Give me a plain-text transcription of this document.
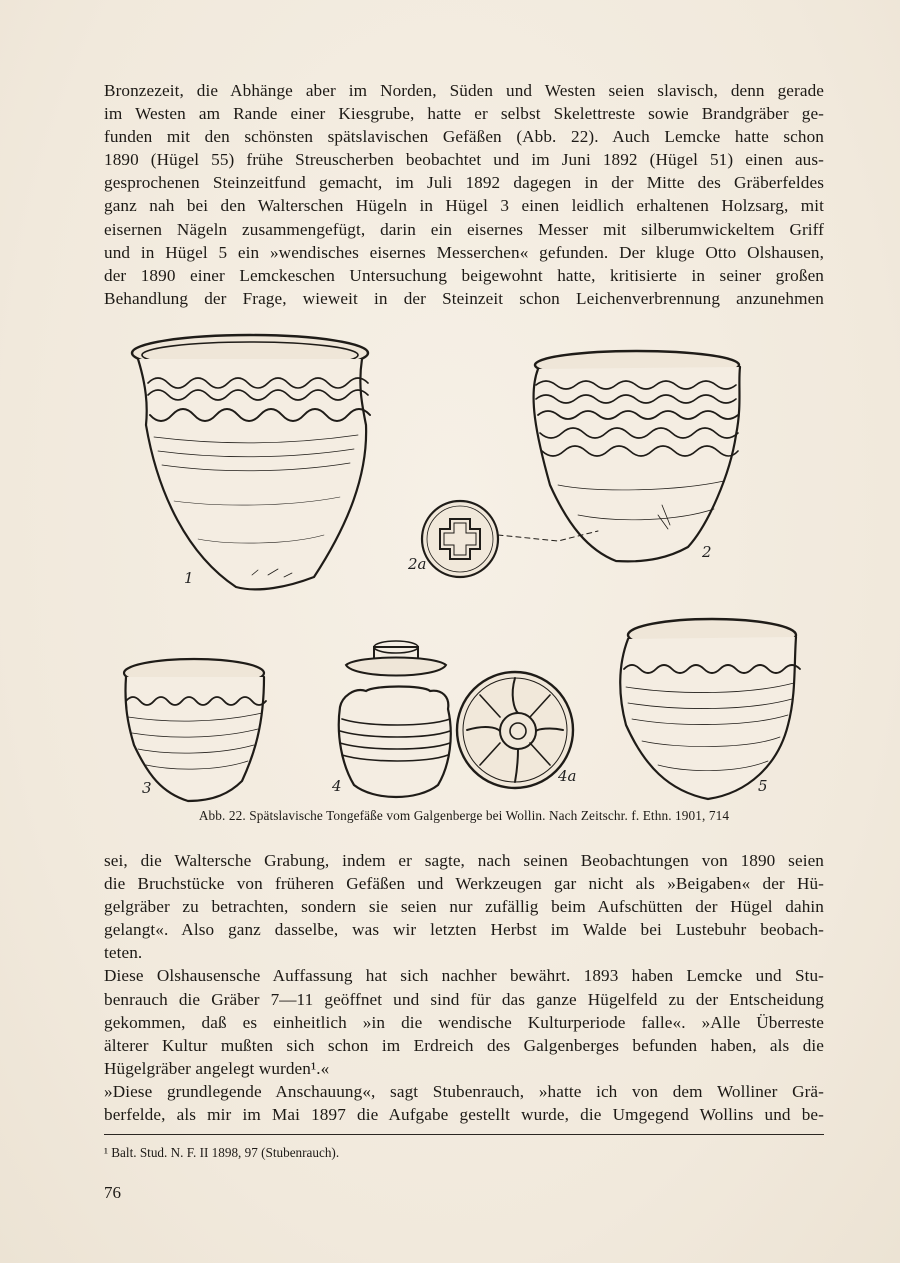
Bronzezeit, die Abhänge aber im Norden, Süden und Westen seien slavisch, denn gerade
im Westen am Rande einer Kiesgrube, hatte er selbst Skelettreste sowie Brandgräber ge-
funden mit den schönsten spätslavischen Gefäßen (Abb. 22). Auch Lemcke hatte schon
1890 (Hügel 55) frühe Streuscherben beobachtet und im Juni 1892 (Hügel 51) einen aus-
gesprochenen Steinzeitfund gemacht, im Juli 1892 dagegen in der Mitte des Gräberfeldes
ganz nah bei den Walterschen Hügeln in Hügel 3 einen leidlich erhaltenen Holzsarg, mit
eisernen Nägeln zusammengefügt, darin ein eisernes Messer mit silberumwickeltem Griff
und in Hügel 5 ein »wendisches eisernes Messerchen« gefunden. Der kluge Otto Olshausen,
der 1890 einer Lemckeschen Untersuchung beigewohnt hatte, kritisierte in seiner großen
Behandlung der Frage, wieweit in der Steinzeit schon Leichenverbrennung anzunehmen
1
2a
2
3	4
4a
5
Abb. 22. Spätslavische Tongefäße vom Galgenberge bei Wollin. Nach Zeitschr. f. Ethn. 1901, 714
sei, die Waltersche Grabung, indem er sagte, nach seinen Beobachtungen von 1890 seien
die Bruchstücke von früheren Gefäßen und Werkzeugen gar nicht als »Beigaben« der Hü-
gelgräber zu betrachten, sondern sie seien nur zufällig beim Aufschütten der Hügel dahin
gelangt«. Also ganz dasselbe, was wir letzten Herbst im Walde bei Lustebuhr beobach-
teten.
Diese Olshausensche Auffassung hat sich nachher bewährt. 1893 haben Lemcke und Stu-
benrauch die Gräber 7—11 geöffnet und sind für das ganze Hügelfeld zu der Entscheidung
gekommen, daß es einheitlich »in die wendische Kulturperiode falle«. »Alle Überreste
älterer Kultur mußten sich schon im Erdreich des Galgenberges befunden haben, als die
Hügelgräber angelegt wurden¹.«
»Diese grundlegende Anschauung«, sagt Stubenrauch, »hatte ich von dem Wolliner Grä-
berfelde, als mir im Mai 1897 die Aufgabe gestellt wurde, die Umgegend Wollins und be-
¹ Balt. Stud. N. F. II 1898, 97 (Stubenrauch).
76
